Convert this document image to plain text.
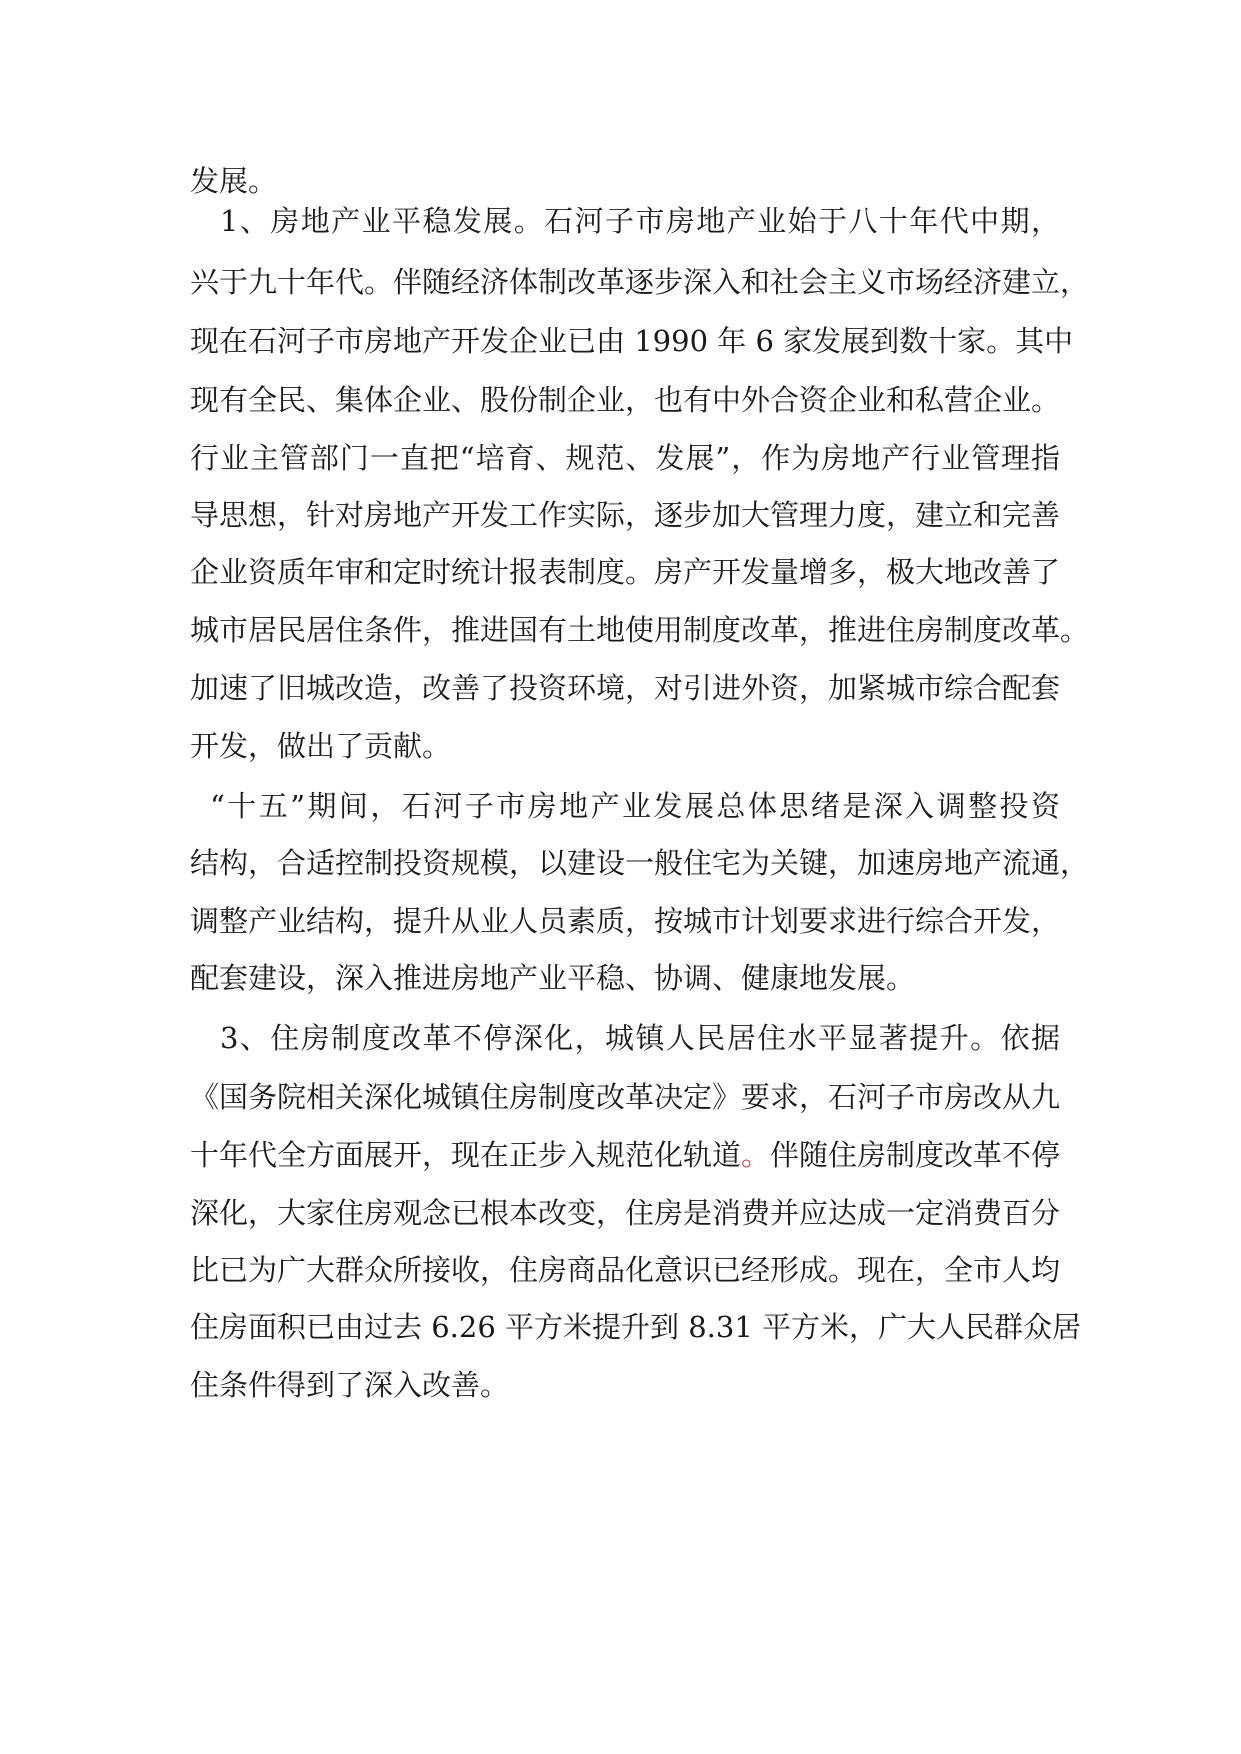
发展。
1、房地产业平稳发展。石河子市房地产业始于八十年代中期，
兴于九十年代。伴随经济体制改革逐步深入和社会主义市场经济建立，
现在石河子市房地产开发企业已由 1990 年 6 家发展到数十家。其中
现有全民、集体企业、股份制企业，也有中外合资企业和私营企业。
行业主管部门一直把“培育、规范、发展”，作为房地产行业管理指
导思想，针对房地产开发工作实际，逐步加大管理力度，建立和完善
企业资质年审和定时统计报表制度。房产开发量增多，极大地改善了
城市居民居住条件，推进国有土地使用制度改革，推进住房制度改革。
加速了旧城改造，改善了投资环境，对引进外资，加紧城市综合配套
开发，做出了贡献。
“十五”期间，石河子市房地产业发展总体思绪是深入调整投资
结构，合适控制投资规模，以建设一般住宅为关键，加速房地产流通，
调整产业结构，提升从业人员素质，按城市计划要求进行综合开发，
配套建设，深入推进房地产业平稳、协调、健康地发展。
3、住房制度改革不停深化，城镇人民居住水平显著提升。依据
《国务院相关深化城镇住房制度改革决定》要求，石河子市房改从九
十年代全方面展开，现在正步入规范化轨道。伴随住房制度改革不停
深化，大家住房观念已根本改变，住房是消费并应达成一定消费百分
比已为广大群众所接收，住房商品化意识已经形成。现在，全市人均
住房面积已由过去 6.26 平方米提升到 8.31 平方米，广大人民群众居
住条件得到了深入改善。
